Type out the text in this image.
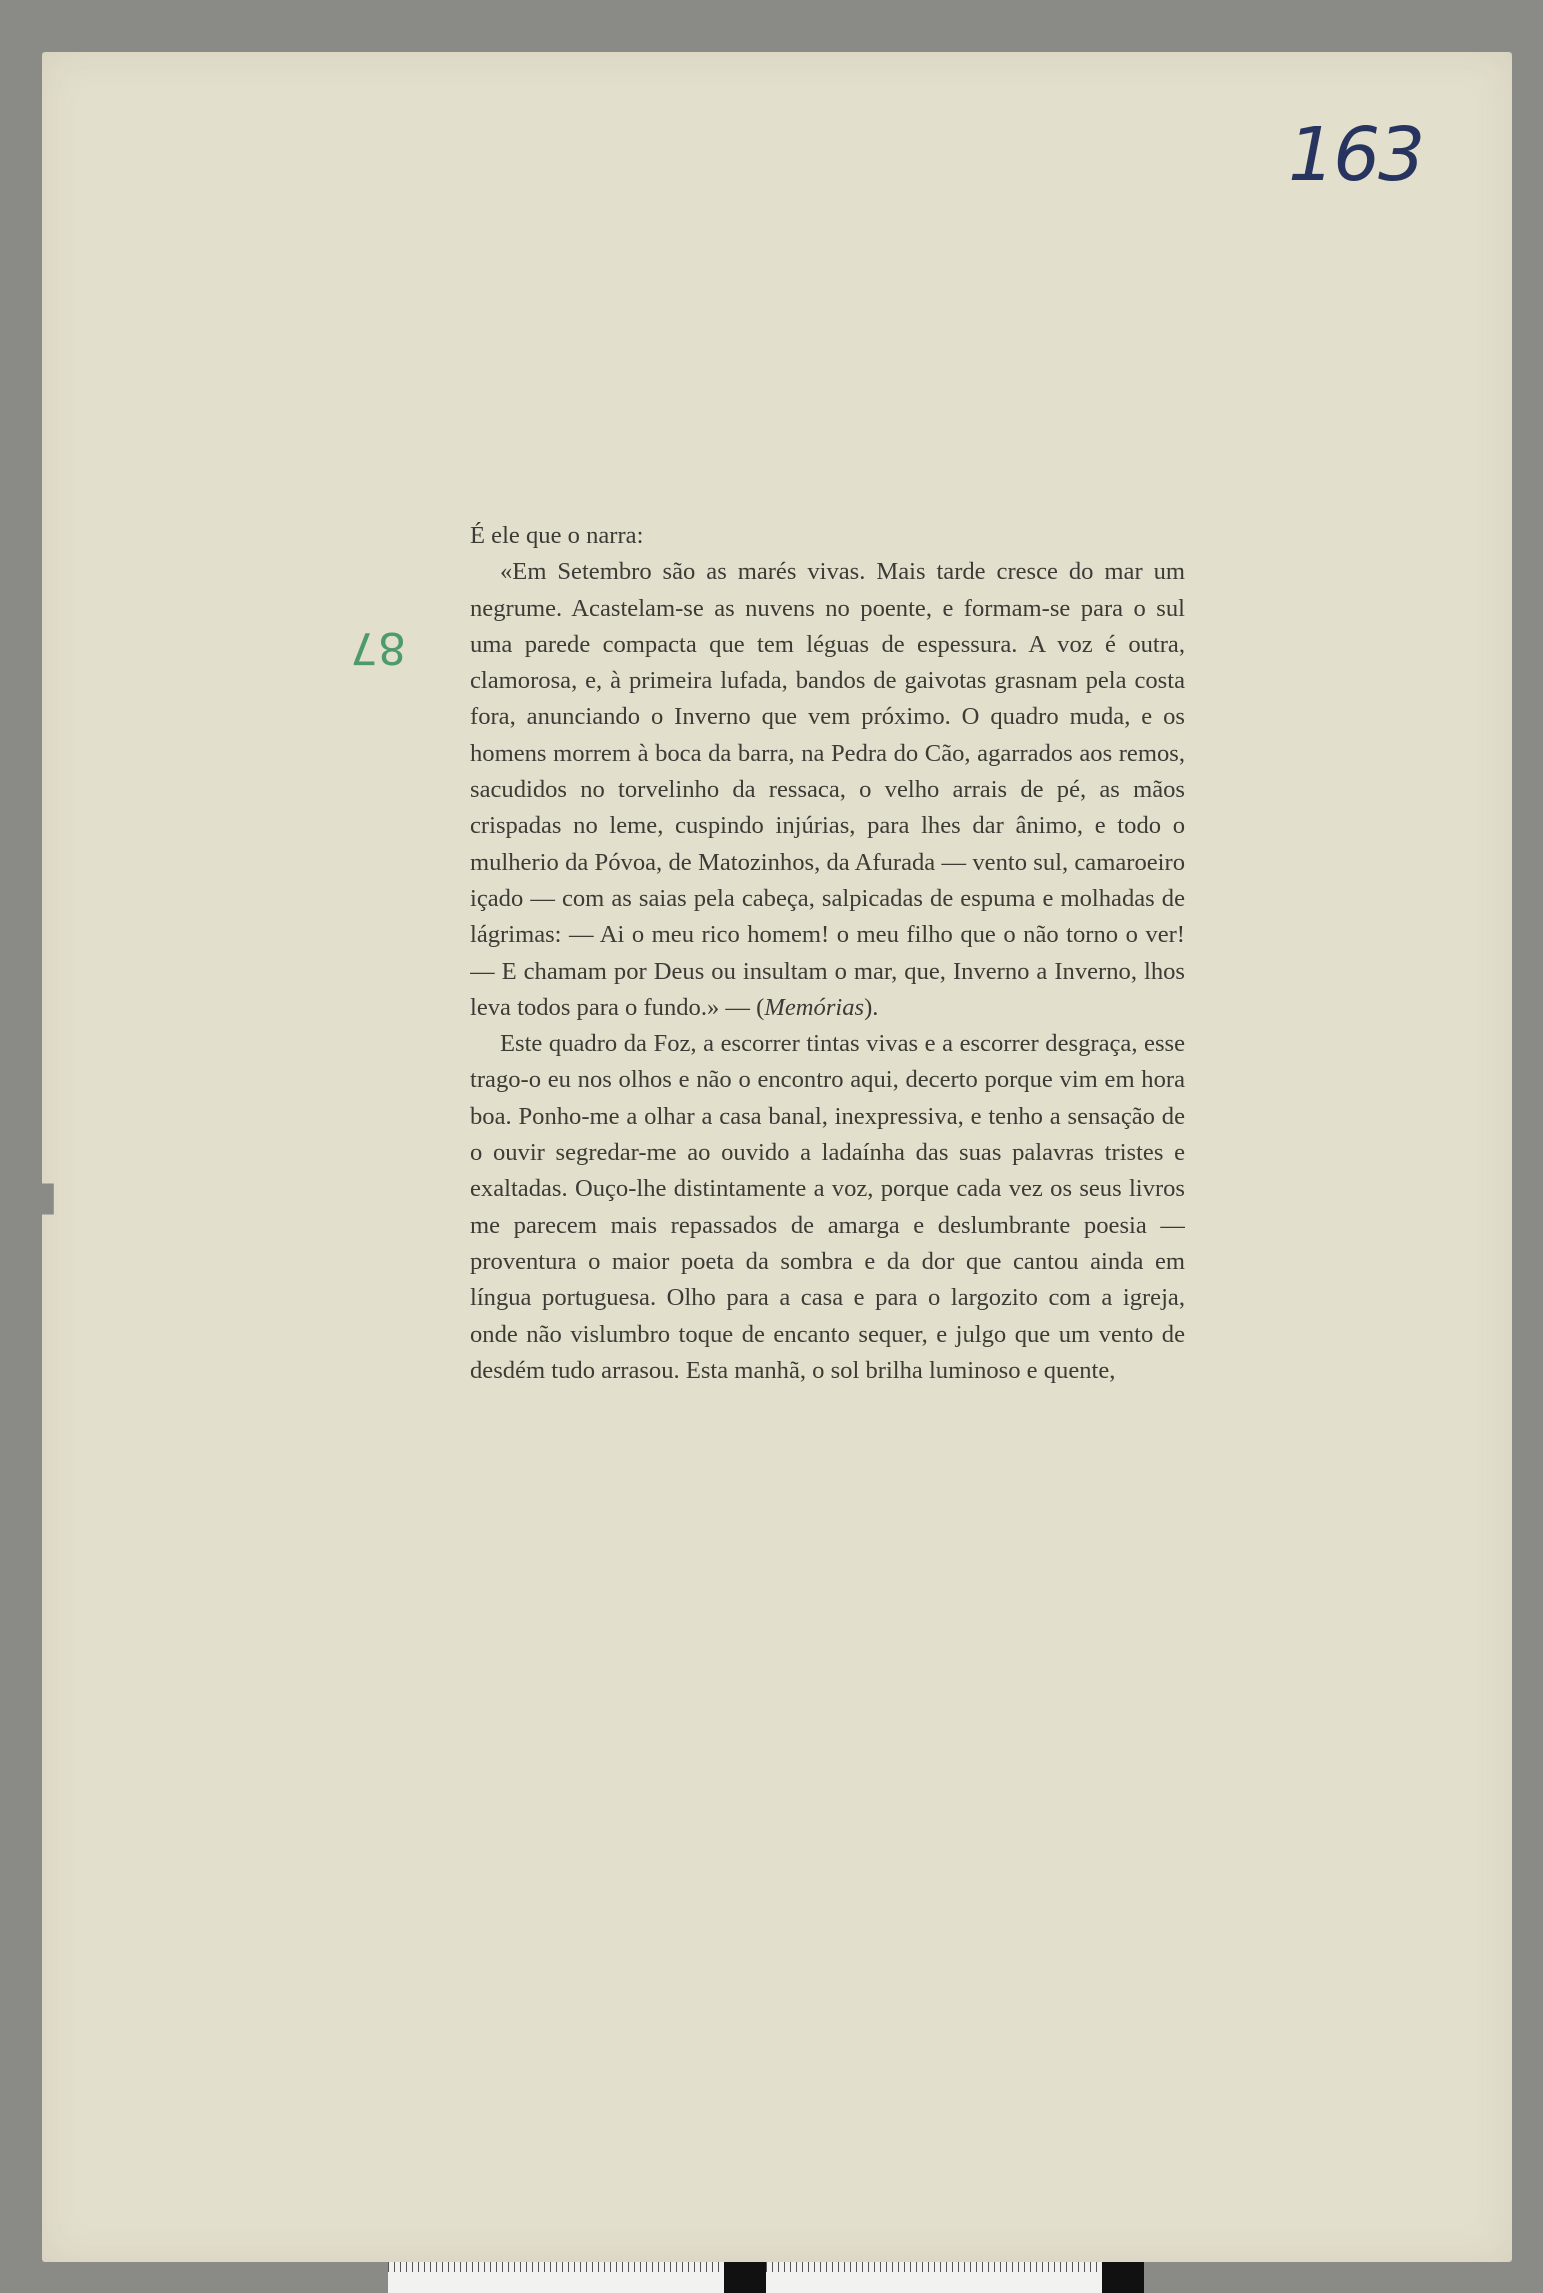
163
87

É ele que o narra:

«Em Setembro são as marés vivas. Mais tarde cresce do mar um negrume. Acastelam-se as nuvens no poente, e formam-se para o sul uma parede compacta que tem léguas de espessura. A voz é outra, clamorosa, e, à primeira lufada, bandos de gaivotas grasnam pela costa fora, anunciando o Inverno que vem próximo. O quadro muda, e os homens morrem à boca da barra, na Pedra do Cão, agarrados aos remos, sacudidos no torvelinho da ressaca, o velho arrais de pé, as mãos crispadas no leme, cuspindo injúrias, para lhes dar ânimo, e todo o mulherio da Póvoa, de Matozinhos, da Afurada — vento sul, camaroeiro içado — com as saias pela cabeça, salpicadas de espuma e molhadas de lágrimas: — Ai o meu rico homem! o meu filho que o não torno o ver! — E chamam por Deus ou insultam o mar, que, Inverno a Inverno, lhos leva todos para o fundo.» — (Memórias).

Este quadro da Foz, a escorrer tintas vivas e a escorrer desgraça, esse trago-o eu nos olhos e não o encontro aqui, decerto porque vim em hora boa. Ponho-me a olhar a casa banal, inexpressiva, e tenho a sensação de o ouvir segredar-me ao ouvido a ladaínha das suas palavras tristes e exaltadas. Ouço-lhe distintamente a voz, porque cada vez os seus livros me parecem mais repassados de amarga e deslumbrante poesia — proventura o maior poeta da sombra e da dor que cantou ainda em língua portuguesa. Olho para a casa e para o largozito com a igreja, onde não vislumbro toque de encanto sequer, e julgo que um vento de desdém tudo arrasou. Esta manhã, o sol brilha luminoso e quente,
